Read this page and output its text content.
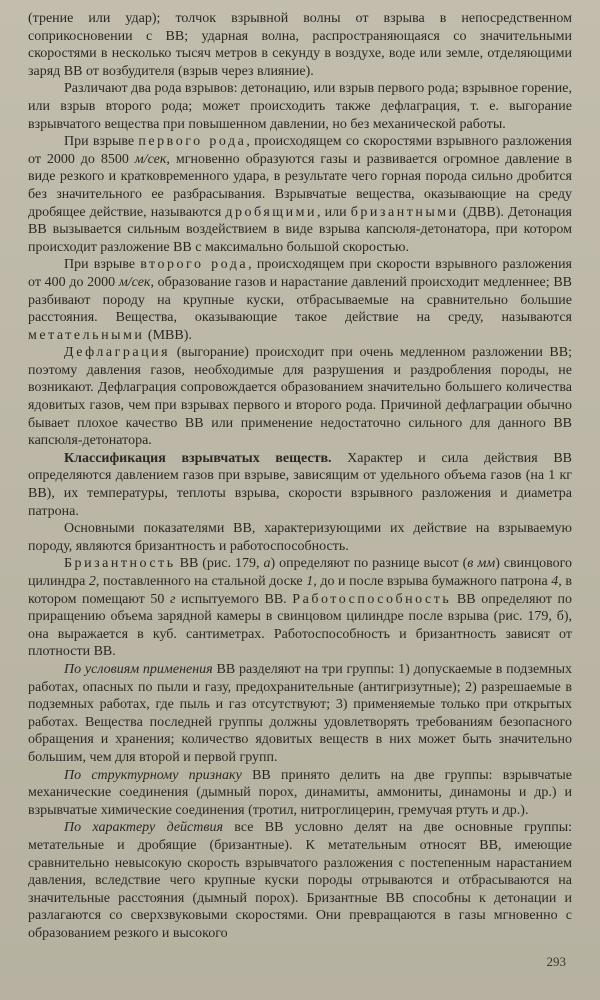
(трение или удар); толчок взрывной волны от взрыва в непосредственном соприкосновении с ВВ; ударная волна, распространяющаяся со значительными скоростями в несколько тысяч метров в секунду в воздухе, воде или земле, отделяющими заряд ВВ от возбудителя (взрыв через влияние).

Различают два рода взрывов: детонацию, или взрыв первого рода; взрывное горение, или взрыв второго рода; может происходить также дефлаграция, т. е. выгорание взрывчатого вещества при повышенном давлении, но без механической работы.

При взрыве первого рода, происходящем со скоростями взрывного разложения от 2000 до 8500 м/сек, мгновенно образуются газы и развивается огромное давление в виде резкого и кратковременного удара, в результате чего горная порода сильно дробится без значительного ее разбрасывания. Взрывчатые вещества, оказывающие на среду дробящее действие, называются дробящими, или бризантными (ДВВ). Детонация ВВ вызывается сильным воздействием в виде взрыва капсюля-детонатора, при котором происходит разложение ВВ с максимально большой скоростью.

При взрыве второго рода, происходящем при скорости взрывного разложения от 400 до 2000 м/сек, образование газов и нарастание давлений происходит медленнее; ВВ разбивают породу на крупные куски, отбрасываемые на сравнительно большие расстояния. Вещества, оказывающие такое действие на среду, называются метательными (МВВ).

Дефлаграция (выгорание) происходит при очень медленном разложении ВВ; поэтому давления газов, необходимые для разрушения и раздробления породы, не возникают. Дефлаграция сопровождается образованием значительно большего количества ядовитых газов, чем при взрывах первого и второго рода. Причиной дефлаграции обычно бывает плохое качество ВВ или применение недостаточно сильного для данного ВВ капсюля-детонатора.

Классификация взрывчатых веществ. Характер и сила действия ВВ определяются давлением газов при взрыве, зависящим от удельного объема газов (на 1 кг ВВ), их температуры, теплоты взрыва, скорости взрывного разложения и диаметра патрона.

Основными показателями ВВ, характеризующими их действие на взрываемую породу, являются бризантность и работоспособность.

Бризантность ВВ (рис. 179, а) определяют по разнице высот (в мм) свинцового цилиндра 2, поставленного на стальной доске 1, до и после взрыва бумажного патрона 4, в котором помещают 50 г испытуемого ВВ. Работоспособность ВВ определяют по приращению объема зарядной камеры в свинцовом цилиндре после взрыва (рис. 179, б), она выражается в куб. сантиметрах. Работоспособность и бризантность зависят от плотности ВВ.

По условиям применения ВВ разделяют на три группы: 1) допускаемые в подземных работах, опасных по пыли и газу, предохранительные (антигризутные); 2) разрешаемые в подземных работах, где пыль и газ отсутствуют; 3) применяемые только при открытых работах. Вещества последней группы должны удовлетворять требованиям безопасного обращения и хранения; количество ядовитых веществ в них может быть значительно большим, чем для второй и первой групп.

По структурному признаку ВВ принято делить на две группы: взрывчатые механические соединения (дымный порох, динамиты, аммониты, динамоны и др.) и взрывчатые химические соединения (тротил, нитроглицерин, гремучая ртуть и др.).

По характеру действия все ВВ условно делят на две основные группы: метательные и дробящие (бризантные). К метательным относят ВВ, имеющие сравнительно невысокую скорость взрывчатого разложения с постепенным нарастанием давления, вследствие чего крупные куски породы отрываются и отбрасываются на значительные расстояния (дымный порох). Бризантные ВВ способны к детонации и разлагаются со сверхзвуковыми скоростями. Они превращаются в газы мгновенно с образованием резкого и высокого

293
